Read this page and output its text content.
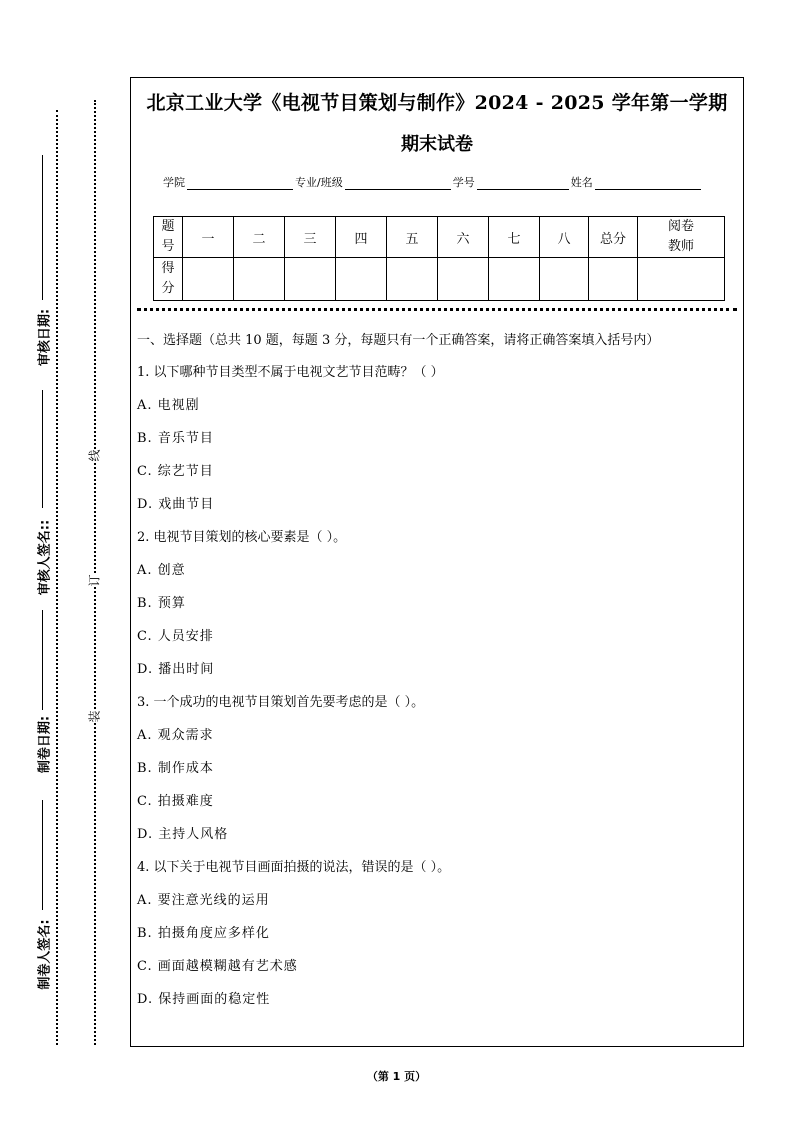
审核日期:
审核人签名::
制卷日期:
制卷人签名:
线
订
装
北京工业大学《电视节目策划与制作》2024 - 2025 学年第一学期
期末试卷
学院	专业/班级	学号	姓名
题
号	一	二	三	四	五	六	七	八	总分	阅卷
教师

得
分										

一、选择题（总共 10 题，每题 3 分，每题只有一个正确答案，请将正确答案填入括号内）
1. 以下哪种节目类型不属于电视文艺节目范畴？（ ）
A. 电视剧
B. 音乐节目
C. 综艺节目
D. 戏曲节目
2. 电视节目策划的核心要素是（ ）。
A. 创意
B. 预算
C. 人员安排
D. 播出时间
3. 一个成功的电视节目策划首先要考虑的是（ ）。
A. 观众需求
B. 制作成本
C. 拍摄难度
D. 主持人风格
4. 以下关于电视节目画面拍摄的说法，错误的是（ ）。
A. 要注意光线的运用
B. 拍摄角度应多样化
C. 画面越模糊越有艺术感
D. 保持画面的稳定性
（第 1 页）
